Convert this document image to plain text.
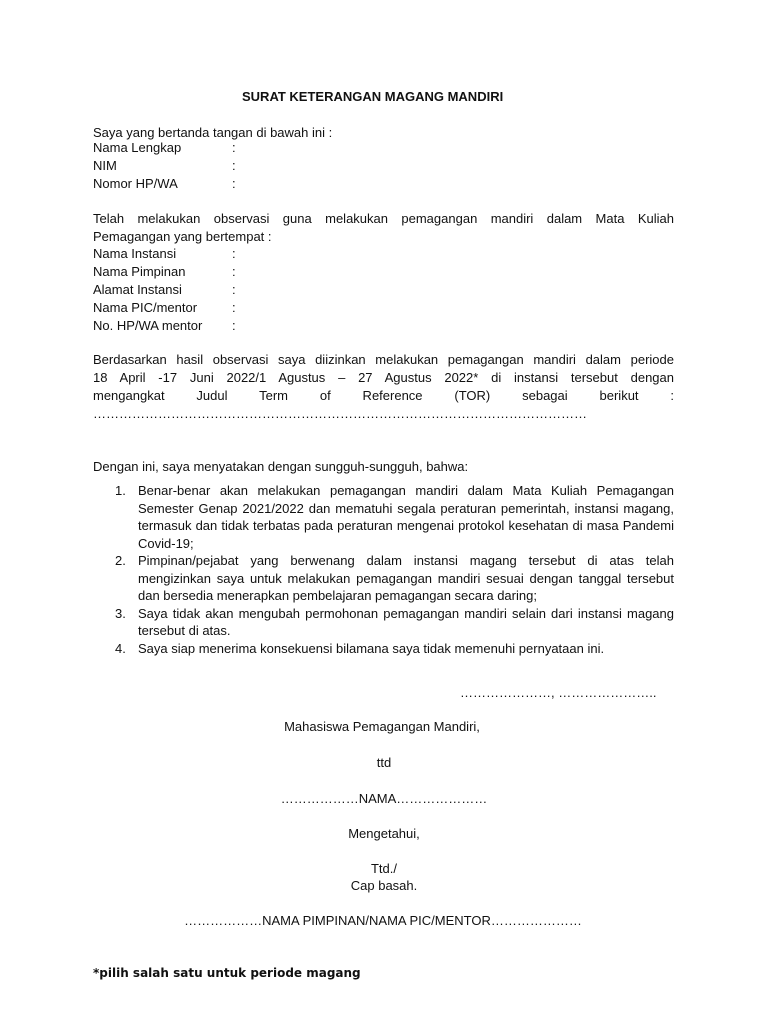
SURAT KETERANGAN MAGANG MANDIRI
Saya yang bertanda tangan di bawah ini :
Nama Lengkap	:
NIM	:
Nomor HP/WA	:
Telah melakukan observasi guna melakukan pemagangan mandiri dalam Mata Kuliah
Pemagangan yang bertempat :
Nama Instansi	:
Nama Pimpinan	:
Alamat Instansi	:
Nama PIC/mentor	:
No. HP/WA mentor :
Berdasarkan hasil observasi saya diizinkan melakukan pemagangan mandiri dalam periode
18 April -17 Juni 2022/1 Agustus – 27 Agustus 2022* di instansi tersebut dengan
mengangkat Judul Term of Reference (TOR) sebagai berikut :
……………………………………………………………………………………………………
Dengan ini, saya menyatakan dengan sungguh-sungguh, bahwa:
1. Benar-benar akan melakukan pemagangan mandiri dalam Mata Kuliah Pemagangan Semester Genap 2021/2022 dan mematuhi segala peraturan pemerintah, instansi magang, termasuk dan tidak terbatas pada peraturan mengenai protokol kesehatan di masa Pandemi Covid-19;
2. Pimpinan/pejabat yang berwenang dalam instansi magang tersebut di atas telah mengizinkan saya untuk melakukan pemagangan mandiri sesuai dengan tanggal tersebut dan bersedia menerapkan pembelajaran pemagangan secara daring;
3. Saya tidak akan mengubah permohonan pemagangan mandiri selain dari instansi magang tersebut di atas.
4. Saya siap menerima konsekuensi bilamana saya tidak memenuhi pernyataan ini.
…………………, …………………..
Mahasiswa Pemagangan Mandiri,
ttd
………………NAMA…………………
Mengetahui,
Ttd./
Cap basah.
………………NAMA PIMPINAN/NAMA PIC/MENTOR…………………
*pilih salah satu untuk periode magang
